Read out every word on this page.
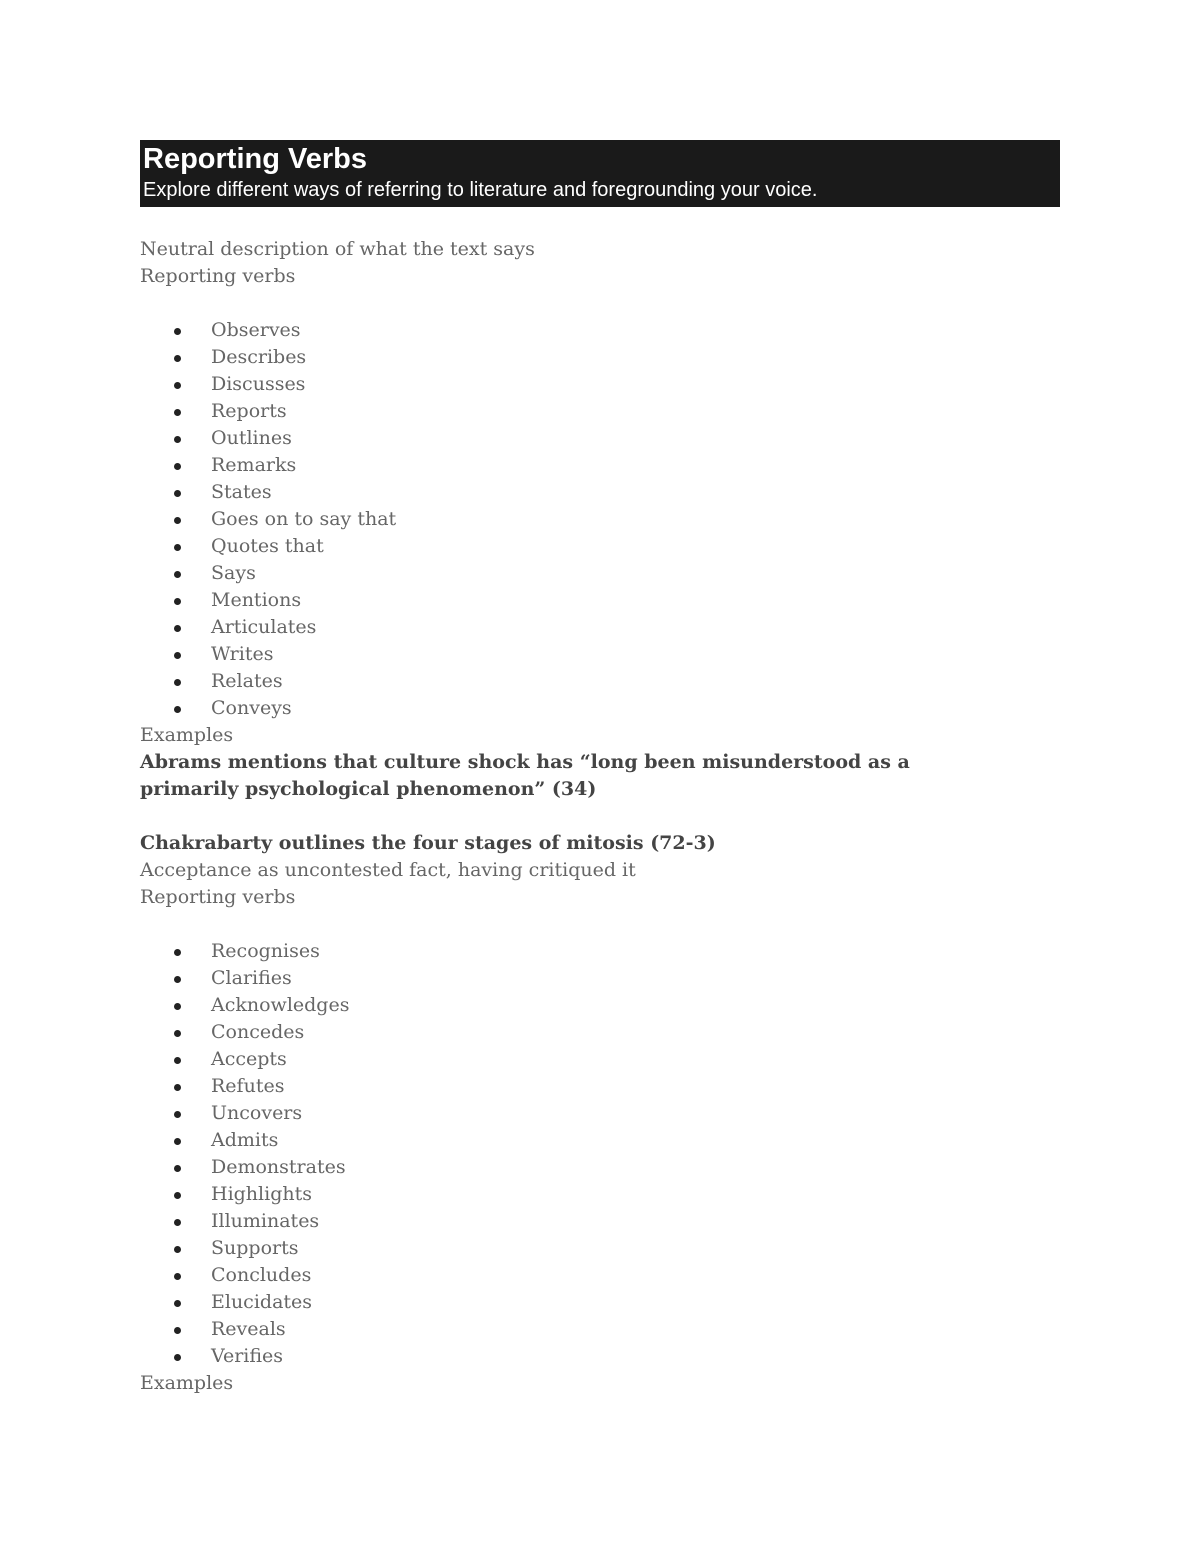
Reporting Verbs
Explore different ways of referring to literature and foregrounding your voice.

Neutral description of what the text says

Reporting verbs

Observes
Describes
Discusses
Reports
Outlines
Remarks
States
Goes on to say that
Quotes that
Says
Mentions
Articulates
Writes
Relates
Conveys

Examples

Abrams mentions that culture shock has “long been misunderstood as a primarily psychological phenomenon” (34)

Chakrabarty outlines the four stages of mitosis (72-3)

Acceptance as uncontested fact, having critiqued it

Reporting verbs

Recognises
Clarifies
Acknowledges
Concedes
Accepts
Refutes
Uncovers
Admits
Demonstrates
Highlights
Illuminates
Supports
Concludes
Elucidates
Reveals
Verifies

Examples
